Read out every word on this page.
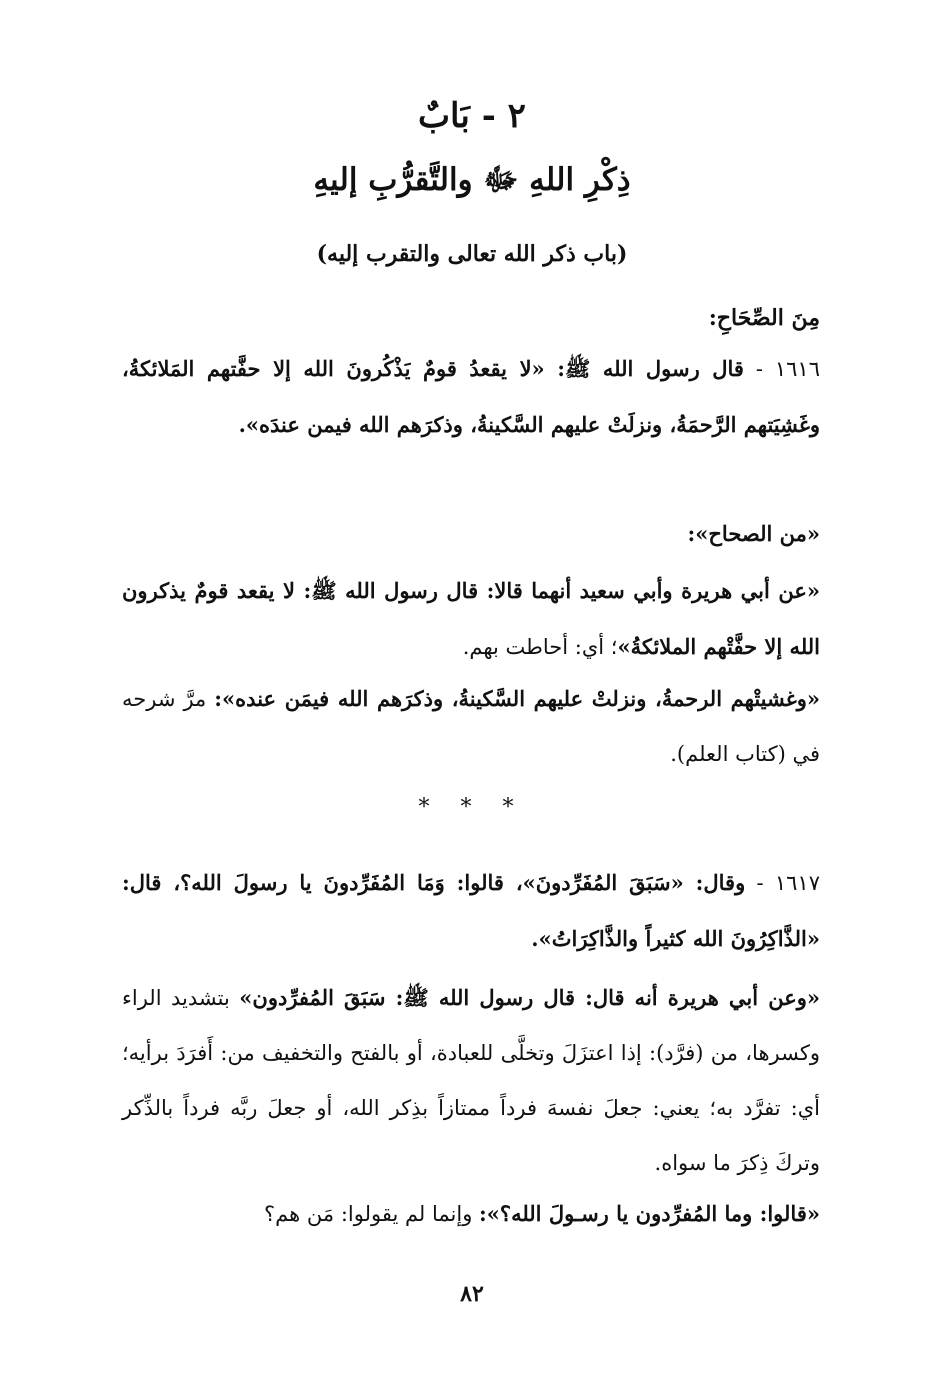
٢ - بَابٌ
ذِكْرِ اللهِ ﷻ والتَّقرُّبِ إليهِ

(باب ذكر الله تعالى والتقرب إليه)

مِنَ الصِّحَاحِ:

١٦١٦ - قال رسول الله ﷺ: «لا يقعدُ قومٌ يَذْكُرونَ الله إلا حفَّتهم المَلائكةُ، وغَشِيَتهم الرَّحمَةُ، ونزلَتْ عليهم السَّكينةُ، وذكرَهم الله فيمن عندَه».

«من الصحاح»:

«عن أبي هريرة وأبي سعيد أنهما قالا: قال رسول الله ﷺ: لا يقعد قومٌ يذكرون الله إلا حفَّتْهم الملائكةُ»؛ أي: أحاطت بهم.

«وغشيتْهم الرحمةُ، ونزلتْ عليهم السَّكينةُ، وذكرَهم الله فيمَن عنده»: مرَّ شرحه في (كتاب العلم).

* * *

١٦١٧ - وقال: «سَبَقَ المُفَرِّدونَ»، قالوا: وَمَا المُفَرِّدونَ يا رسولَ الله؟، قال: «الذَّاكِرُونَ الله كثيراً والذَّاكِرَاتُ».

«وعن أبي هريرة أنه قال: قال رسول الله ﷺ: سَبَقَ المُفرِّدون» بتشديد الراء وكسرها، من (فرَّد): إذا اعتزَلَ وتخلَّى للعبادة، أو بالفتح والتخفيف من: أَفرَدَ برأيه؛ أي: تفرَّد به؛ يعني: جعلَ نفسهَ فرداً ممتازاً بذِكر الله، أو جعلَ ربَّه فرداً بالذِّكر وتركَ ذِكرَ ما سواه.

«قالوا: وما المُفرِّدون يا رسـولَ الله؟»: وإنما لم يقولوا: مَن هم؟

٨٢
